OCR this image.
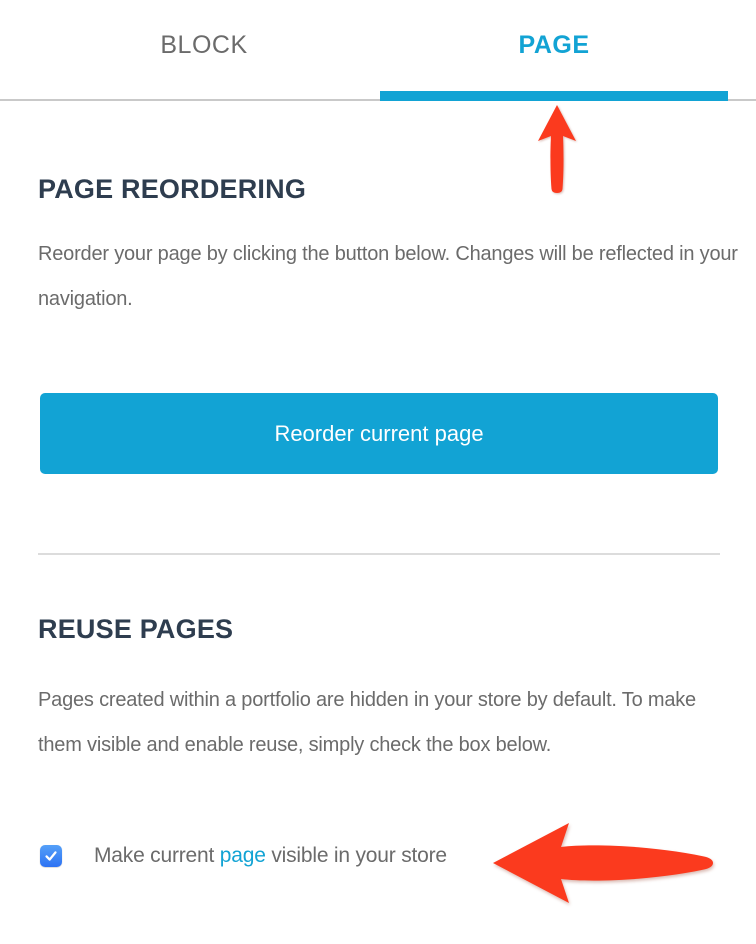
BLOCK	PAGE
PAGE REORDERING
Reorder your page by clicking the button below. Changes will be reflected in your navigation.
Reorder current page
REUSE PAGES
Pages created within a portfolio are hidden in your store by default. To make them visible and enable reuse, simply check the box below.
Make current page visible in your store
